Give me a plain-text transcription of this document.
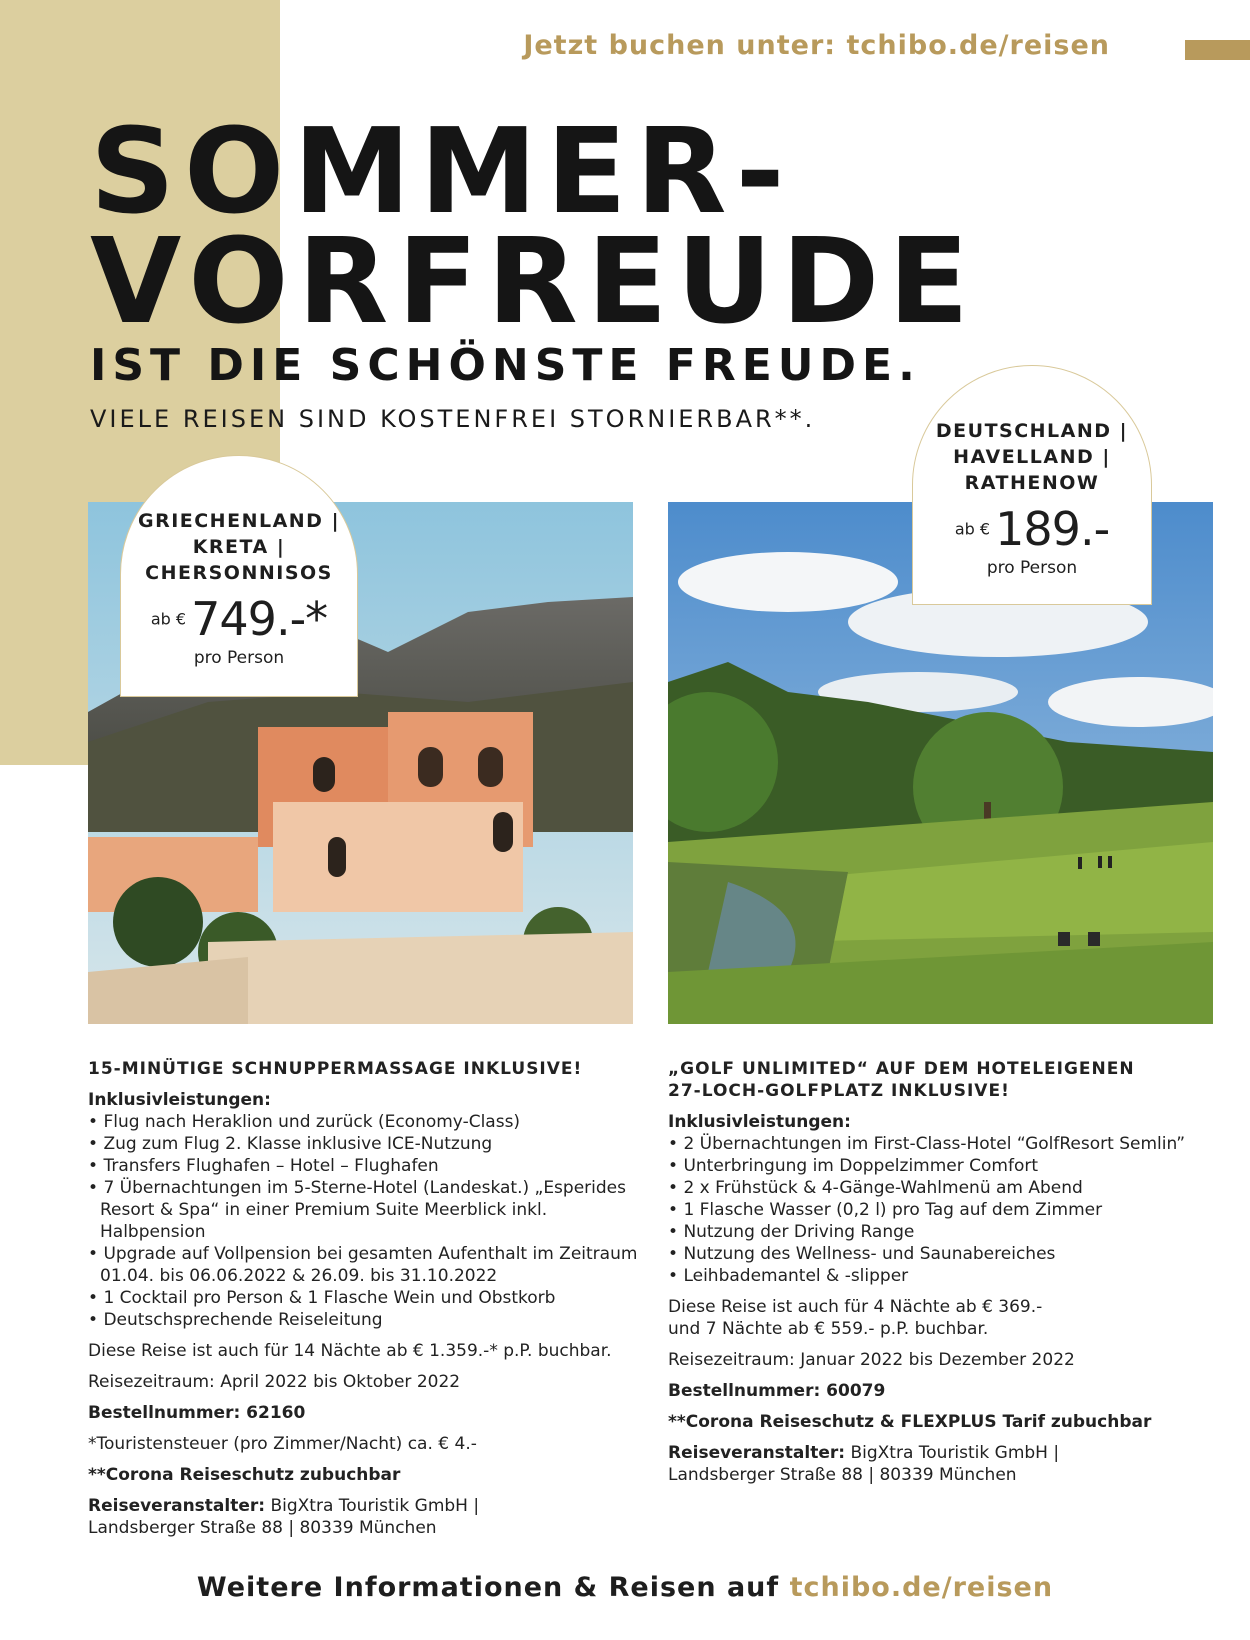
Jetzt buchen unter: tchibo.de/reisen
SOMMER-
VORFREUDE
IST DIE SCHÖNSTE FREUDE.
VIELE REISEN SIND KOSTENFREI STORNIERBAR**.
GRIECHENLAND |
KRETA |
CHERSONNISOS
ab € 749.-*
pro Person
DEUTSCHLAND |
HAVELLAND |
RATHENOW
ab € 189.-
pro Person

15-MINÜTIGE SCHNUPPERMASSAGE INKLUSIVE!

Inklusivleistungen:

• Flug nach Heraklion und zurück (Economy-Class)
• Zug zum Flug 2. Klasse inklusive ICE-Nutzung
• Transfers Flughafen – Hotel – Flughafen
• 7 Übernachtungen im 5-Sterne-Hotel (Landeskat.) „Esperides Resort & Spa“ in einer Premium Suite Meerblick inkl. Halbpension
• Upgrade auf Vollpension bei gesamten Aufenthalt im Zeitraum 01.04. bis 06.06.2022 & 26.09. bis 31.10.2022
• 1 Cocktail pro Person & 1 Flasche Wein und Obstkorb
• Deutschsprechende Reiseleitung

Diese Reise ist auch für 14 Nächte ab € 1.359.-* p.P. buchbar.

Reisezeitraum: April 2022 bis Oktober 2022

Bestellnummer: 62160

*Touristensteuer (pro Zimmer/Nacht) ca. € 4.-

**Corona Reiseschutz zubuchbar

Reiseveranstalter: BigXtra Touristik GmbH |

Landsberger Straße 88 | 80339 München

„GOLF UNLIMITED“ AUF DEM HOTELEIGENEN

27-LOCH-GOLFPLATZ INKLUSIVE!

Inklusivleistungen:

• 2 Übernachtungen im First-Class-Hotel “GolfResort Semlin”
• Unterbringung im Doppelzimmer Comfort
• 2 x Frühstück & 4-Gänge-Wahlmenü am Abend
• 1 Flasche Wasser (0,2 l) pro Tag auf dem Zimmer
• Nutzung der Driving Range
• Nutzung des Wellness- und Saunabereiches
• Leihbademantel & -slipper

Diese Reise ist auch für 4 Nächte ab € 369.-

und 7 Nächte ab € 559.- p.P. buchbar.

Reisezeitraum: Januar 2022 bis Dezember 2022

Bestellnummer: 60079

**Corona Reiseschutz & FLEXPLUS Tarif zubuchbar

Reiseveranstalter: BigXtra Touristik GmbH |

Landsberger Straße 88 | 80339 München

Weitere Informationen & Reisen auf tchibo.de/reisen
